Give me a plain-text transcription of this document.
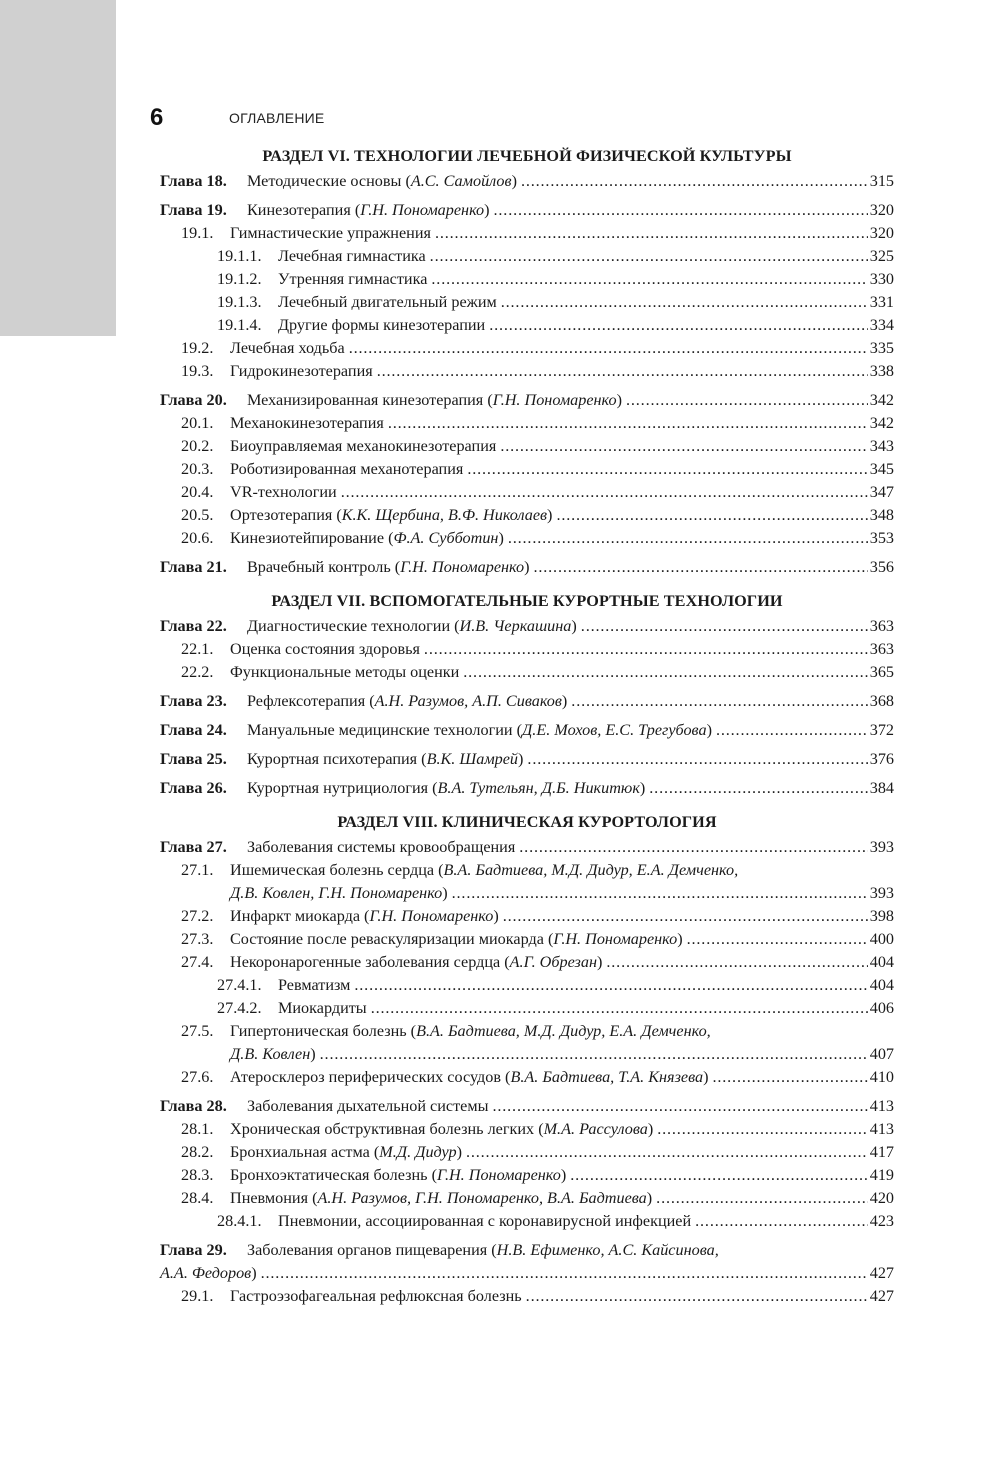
6	ОГЛАВЛЕНИЕ
РАЗДЕЛ VI. ТЕХНОЛОГИИ ЛЕЧЕБНОЙ ФИЗИЧЕСКОЙ КУЛЬТУРЫ
Глава 18.	Методические основы (А.С. Самойлов) . . .	315
Глава 19.	Кинезотерапия (Г.Н. Пономаренко) . . .	320
19.1.	Гимнастические упражнения . . .	320
19.1.1.	Лечебная гимнастика . . .	325
19.1.2.	Утренняя гимнастика . . .	330
19.1.3.	Лечебный двигательный режим . . .	331
19.1.4.	Другие формы кинезотерапии . . .	334
19.2.	Лечебная ходьба . . .	335
19.3.	Гидрокинезотерапия . . .	338
Глава 20.	Механизированная кинезотерапия (Г.Н. Пономаренко) . . .	342
20.1.	Механокинезотерапия . . .	342
20.2.	Биоуправляемая механокинезотерапия . . .	343
20.3.	Роботизированная механотерапия . . .	345
20.4.	VR-технологии . . .	347
20.5.	Ортезотерапия (К.К. Щербина, В.Ф. Николаев) . . .	348
20.6.	Кинезиотейпирование (Ф.А. Субботин) . . .	353
Глава 21.	Врачебный контроль (Г.Н. Пономаренко) . . .	356
РАЗДЕЛ VII. ВСПОМОГАТЕЛЬНЫЕ КУРОРТНЫЕ ТЕХНОЛОГИИ
Глава 22.	Диагностические технологии (И.В. Черкашина) . . .	363
22.1.	Оценка состояния здоровья . . .	363
22.2.	Функциональные методы оценки . . .	365
Глава 23.	Рефлексотерапия (А.Н. Разумов, А.П. Сиваков) . . .	368
Глава 24.	Мануальные медицинские технологии (Д.Е. Мохов, Е.С. Трегубова) . . .	372
Глава 25.	Курортная психотерапия (В.К. Шамрей) . . .	376
Глава 26.	Курортная нутрициология (В.А. Тутельян, Д.Б. Никитюк) . . .	384
РАЗДЕЛ VIII. КЛИНИЧЕСКАЯ КУРОРТОЛОГИЯ
Глава 27.	Заболевания системы кровообращения . . .	393
27.1.	Ишемическая болезнь сердца (В.А. Бадтиева, М.Д. Дидур, Е.А. Демченко,
Д.В. Ковлен, Г.Н. Пономаренко) . . .	393
27.2.	Инфаркт миокарда (Г.Н. Пономаренко) . . .	398
27.3.	Состояние после реваскуляризации миокарда (Г.Н. Пономаренко) . . .	400
27.4.	Некоронарогенные заболевания сердца (А.Г. Обрезан) . . .	404
27.4.1.	Ревматизм . . .	404
27.4.2.	Миокардиты . . .	406
27.5.	Гипертоническая болезнь (В.А. Бадтиева, М.Д. Дидур, Е.А. Демченко,
Д.В. Ковлен) . . .	407
27.6.	Атеросклероз периферических сосудов (В.А. Бадтиева, Т.А. Князева) . . .	410
Глава 28.	Заболевания дыхательной системы . . .	413
28.1.	Хроническая обструктивная болезнь легких (М.А. Рассулова) . . .	413
28.2.	Бронхиальная астма (М.Д. Дидур) . . .	417
28.3.	Бронхоэктатическая болезнь (Г.Н. Пономаренко) . . .	419
28.4.	Пневмония (А.Н. Разумов, Г.Н. Пономаренко, В.А. Бадтиева) . . .	420
28.4.1.	Пневмонии, ассоциированная с коронавирусной инфекцией . . .	423
Глава 29.	Заболевания органов пищеварения (Н.В. Ефименко, А.С. Кайсинова,
А.А. Федоров) . . .	427
29.1.	Гастроэзофагеальная рефлюксная болезнь . . .	427
